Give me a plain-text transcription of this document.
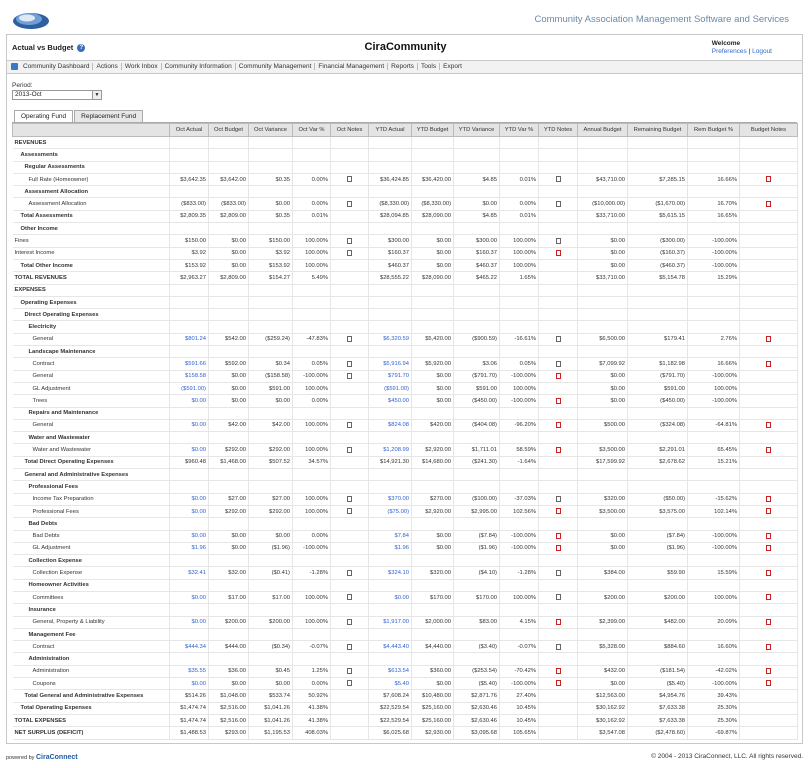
Community Association Management Software and Services
Actual vs Budget ?	CiraCommunity	Welcome
Preferences | Logout
Community Dashboard Actions Work Inbox Community Information Community Management Financial Management Reports Tools Export
Period:
2013-Oct	▼
Operating Fund Replacement Fund
	Oct Actual	Oct Budget	Oct Variance	Oct Var %	Oct Notes	YTD Actual	YTD Budget	YTD Variance	YTD Var %	YTD Notes	Annual Budget	Remaining Budget	Rem Budget %	Budget Notes
REVENUES														
Assessments														
Regular Assessments														
Full Rate (Homeowner)	$3,642.35	$3,642.00	$0.35	0.00%		$36,424.85	$36,420.00	$4.85	0.01%		$43,710.00	$7,285.15	16.66%	
Assessment Allocation														
Assessment Allocation	($833.00)	($833.00)	$0.00	0.00%		($8,330.00)	($8,330.00)	$0.00	0.00%		($10,000.00)	($1,670.00)	16.70%	
Total Assessments	$2,809.35	$2,809.00	$0.35	0.01%		$28,094.85	$28,090.00	$4.85	0.01%		$33,710.00	$5,615.15	16.65%	
Other Income														
Fines	$150.00	$0.00	$150.00	100.00%		$300.00	$0.00	$300.00	100.00%		$0.00	($300.00)	-100.00%	
Interest Income	$3.92	$0.00	$3.92	100.00%		$160.37	$0.00	$160.37	100.00%		$0.00	($160.37)	-100.00%	
Total Other Income	$153.92	$0.00	$153.92	100.00%		$460.37	$0.00	$460.37	100.00%		$0.00	($460.37)	-100.00%	
TOTAL REVENUES	$2,963.27	$2,809.00	$154.27	5.49%		$28,555.22	$28,090.00	$465.22	1.65%		$33,710.00	$5,154.78	15.29%	
EXPENSES														
Operating Expenses														
Direct Operating Expenses														
Electricity														
General	$801.24	$542.00	($259.24)	-47.83%		$6,320.59	$5,420.00	($900.59)	-16.61%		$6,500.00	$179.41	2.76%	
Landscape Maintenance														
Contract	$591.66	$592.00	$0.34	0.05%		$5,916.94	$5,920.00	$3.06	0.05%		$7,099.92	$1,182.98	16.66%	
General	$158.58	$0.00	($158.58)	-100.00%		$791.70	$0.00	($791.70)	-100.00%		$0.00	($791.70)	-100.00%	
GL Adjustment	($591.00)	$0.00	$591.00	100.00%		($591.00)	$0.00	$591.00	100.00%		$0.00	$591.00	100.00%	
Trees	$0.00	$0.00	$0.00	0.00%		$450.00	$0.00	($450.00)	-100.00%		$0.00	($450.00)	-100.00%	
Repairs and Maintenance														
General	$0.00	$42.00	$42.00	100.00%		$824.08	$420.00	($404.08)	-96.20%		$500.00	($324.08)	-64.81%	
Water and Wastewater														
Water and Wastewater	$0.00	$292.00	$292.00	100.00%		$1,208.99	$2,920.00	$1,711.01	58.59%		$3,500.00	$2,291.01	65.45%	
Total Direct Operating Expenses	$960.48	$1,468.00	$507.52	34.57%		$14,921.30	$14,680.00	($241.30)	-1.64%		$17,599.92	$2,678.62	15.21%	
General and Administrative Expenses														
Professional Fees														
Income Tax Preparation	$0.00	$27.00	$27.00	100.00%		$370.00	$270.00	($100.00)	-37.03%		$320.00	($50.00)	-15.62%	
Professional Fees	$0.00	$292.00	$292.00	100.00%		($75.00)	$2,920.00	$2,995.00	102.56%		$3,500.00	$3,575.00	102.14%	
Bad Debts														
Bad Debts	$0.00	$0.00	$0.00	0.00%		$7.84	$0.00	($7.84)	-100.00%		$0.00	($7.84)	-100.00%	
GL Adjustment	$1.96	$0.00	($1.96)	-100.00%		$1.96	$0.00	($1.96)	-100.00%		$0.00	($1.96)	-100.00%	
Collection Expense														
Collection Expense	$32.41	$32.00	($0.41)	-1.28%		$324.10	$320.00	($4.10)	-1.28%		$384.00	$59.90	15.59%	
Homeowner Activities														
Committees	$0.00	$17.00	$17.00	100.00%		$0.00	$170.00	$170.00	100.00%		$200.00	$200.00	100.00%	
Insurance														
General, Property & Liability	$0.00	$200.00	$200.00	100.00%		$1,917.00	$2,000.00	$83.00	4.15%		$2,399.00	$482.00	20.09%	
Management Fee														
Contract	$444.34	$444.00	($0.34)	-0.07%		$4,443.40	$4,440.00	($3.40)	-0.07%		$5,328.00	$884.60	16.60%	
Administration														
Administration	$35.55	$36.00	$0.45	1.25%		$613.54	$360.00	($253.54)	-70.42%		$432.00	($181.54)	-42.02%	
Coupons	$0.00	$0.00	$0.00	0.00%		$5.40	$0.00	($5.40)	-100.00%		$0.00	($5.40)	-100.00%	
Total General and Administrative Expenses	$514.26	$1,048.00	$533.74	50.92%		$7,608.24	$10,480.00	$2,871.76	27.40%		$12,563.00	$4,954.76	39.43%	
Total Operating Expenses	$1,474.74	$2,516.00	$1,041.26	41.38%		$22,529.54	$25,160.00	$2,630.46	10.45%		$30,162.92	$7,633.38	25.30%	
TOTAL EXPENSES	$1,474.74	$2,516.00	$1,041.26	41.38%		$22,529.54	$25,160.00	$2,630.46	10.45%		$30,162.92	$7,633.38	25.30%	
NET SURPLUS (DEFICIT)	$1,488.53	$293.00	$1,195.53	408.03%		$6,025.68	$2,930.00	$3,095.68	105.65%		$3,547.08	($2,478.60)	-69.87%	
powered by CiraConnect	© 2004 - 2013 CiraConnect, LLC. All rights reserved.
